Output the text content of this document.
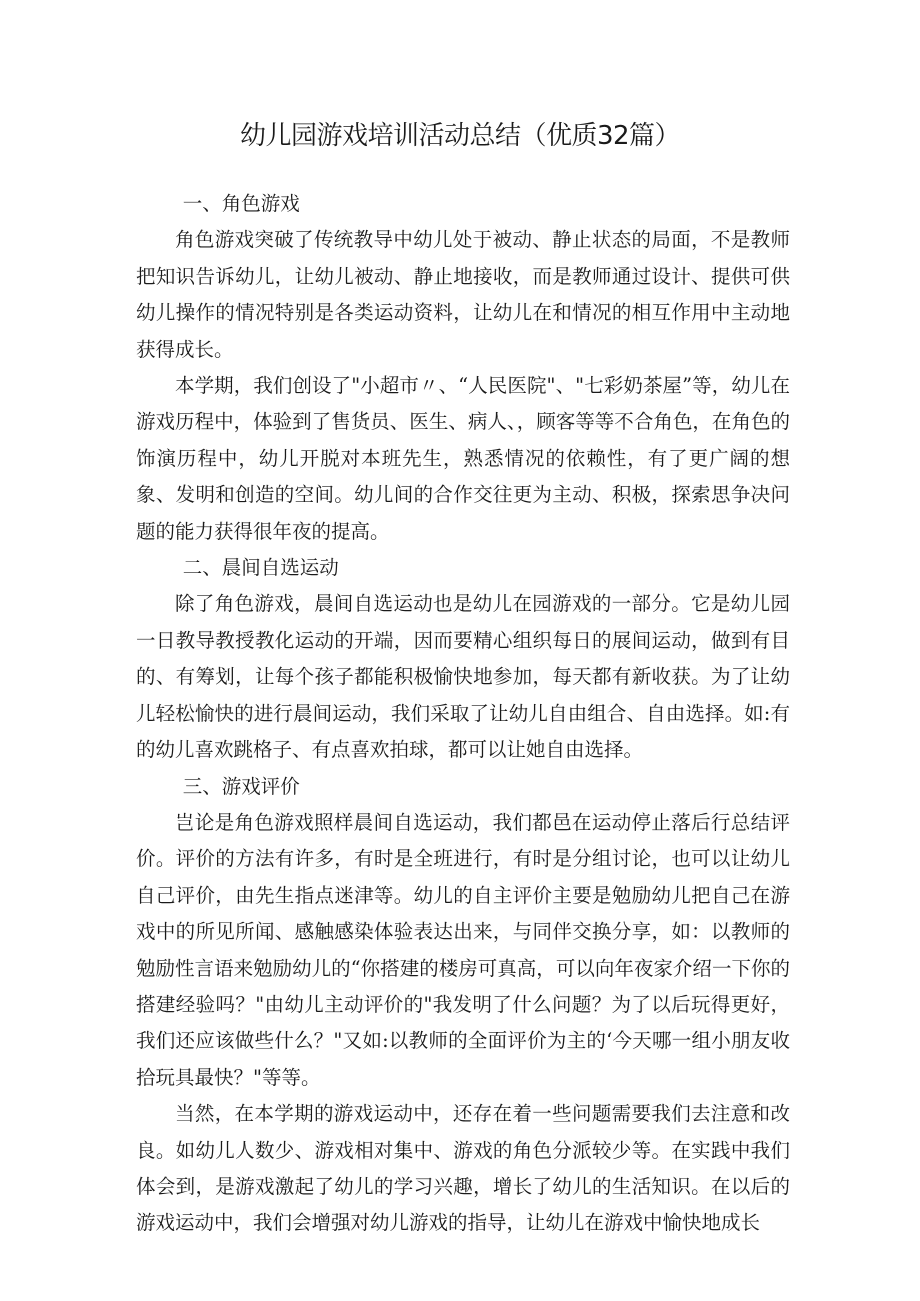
幼儿园游戏培训活动总结（优质32篇）

一、角色游戏

角色游戏突破了传统教导中幼儿处于被动、静止状态的局面，不是教师把知识告诉幼儿，让幼儿被动、静止地接收，而是教师通过设计、提供可供幼儿操作的情况特别是各类运动资料，让幼儿在和情况的相互作用中主动地获得成长。

本学期，我们创设了"小超市〃、“人民医院"、"七彩奶茶屋”等，幼儿在游戏历程中，体验到了售货员、医生、病人、，顾客等等不合角色，在角色的饰演历程中，幼儿开脱对本班先生，熟悉情况的依赖性，有了更广阔的想象、发明和创造的空间。幼儿间的合作交往更为主动、积极，探索思争决问题的能力获得很年夜的提高。

二、晨间自选运动

除了角色游戏，晨间自选运动也是幼儿在园游戏的一部分。它是幼儿园一日教导教授教化运动的开端，因而要精心组织每日的展间运动，做到有目的、有筹划，让每个孩子都能积极愉快地参加，每天都有新收获。为了让幼儿轻松愉快的进行晨间运动，我们采取了让幼儿自由组合、自由选择。如:有的幼儿喜欢跳格子、有点喜欢拍球，都可以让她自由选择。

三、游戏评价

岂论是角色游戏照样晨间自选运动，我们都邑在运动停止落后行总结评价。评价的方法有许多，有时是全班进行，有时是分组讨论，也可以让幼儿自己评价，由先生指点迷津等。幼儿的自主评价主要是勉励幼儿把自己在游戏中的所见所闻、感触感染体验表达出来，与同伴交换分享，如：以教师的勉励性言语来勉励幼儿的“你搭建的楼房可真高，可以向年夜家介绍一下你的搭建经验吗？"由幼儿主动评价的"我发明了什么问题？为了以后玩得更好，我们还应该做些什么？"又如:以教师的全面评价为主的‘今天哪一组小朋友收拾玩具最快？"等等。

当然，在本学期的游戏运动中，还存在着一些问题需要我们去注意和改良。如幼儿人数少、游戏相对集中、游戏的角色分派较少等。在实践中我们体会到，是游戏激起了幼儿的学习兴趣，增长了幼儿的生活知识。在以后的游戏运动中，我们会增强对幼儿游戏的指导，让幼儿在游戏中愉快地成长
